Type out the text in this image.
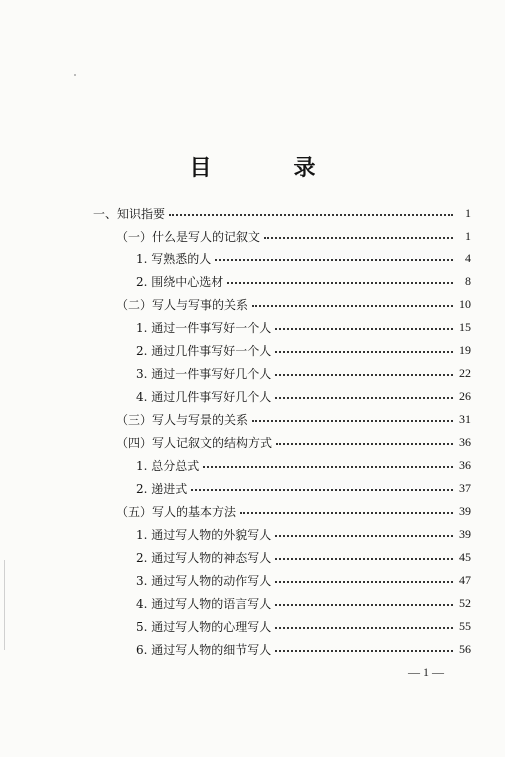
目　录
一、知识指要	1
（一）什么是写人的记叙文	1
1. 写熟悉的人	4
2. 围绕中心选材	8
（二）写人与写事的关系	10
1. 通过一件事写好一个人	15
2. 通过几件事写好一个人	19
3. 通过一件事写好几个人	22
4. 通过几件事写好几个人	26
（三）写人与写景的关系	31
（四）写人记叙文的结构方式	36
1. 总分总式	36
2. 递进式	37
（五）写人的基本方法	39
1. 通过写人物的外貌写人	39
2. 通过写人物的神态写人	45
3. 通过写人物的动作写人	47
4. 通过写人物的语言写人	52
5. 通过写人物的心理写人	55
6. 通过写人物的细节写人	56
— 1 —
